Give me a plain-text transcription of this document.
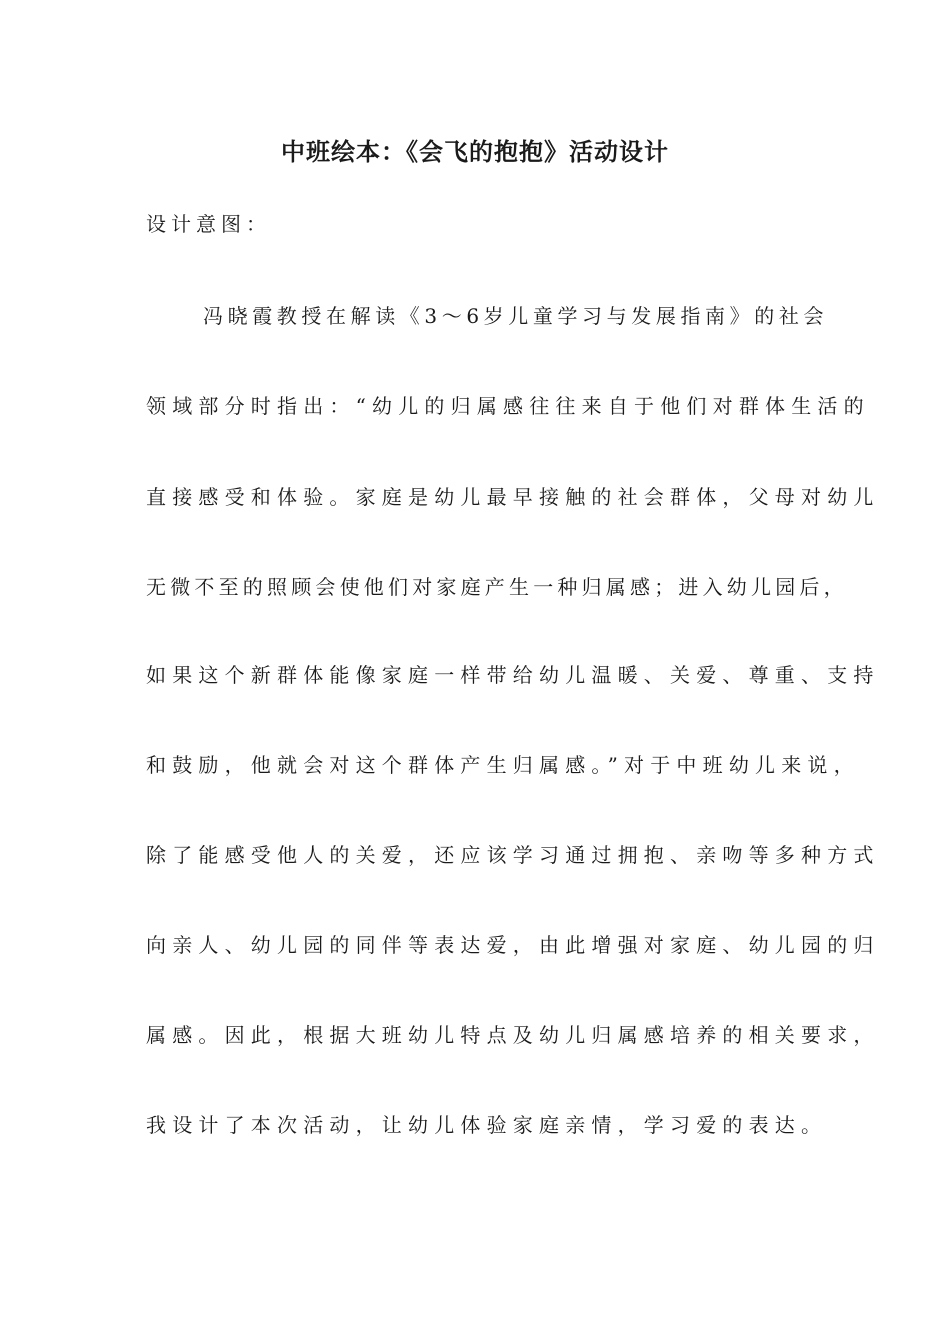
中班绘本：《会飞的抱抱》活动设计

设计意图：

冯晓霞教授在解读《3～6岁儿童学习与发展指南》的社会

领域部分时指出：“幼儿的归属感往往来自于他们对群体生活的

直接感受和体验。家庭是幼儿最早接触的社会群体，父母对幼儿

无微不至的照顾会使他们对家庭产生一种归属感；进入幼儿园后，

如果这个新群体能像家庭一样带给幼儿温暖、关爱、尊重、支持

和鼓励，他就会对这个群体产生归属感。”对于中班幼儿来说，

除了能感受他人的关爱，还应该学习通过拥抱、亲吻等多种方式

向亲人、幼儿园的同伴等表达爱，由此增强对家庭、幼儿园的归

属感。因此，根据大班幼儿特点及幼儿归属感培养的相关要求，

我设计了本次活动，让幼儿体验家庭亲情，学习爱的表达。
